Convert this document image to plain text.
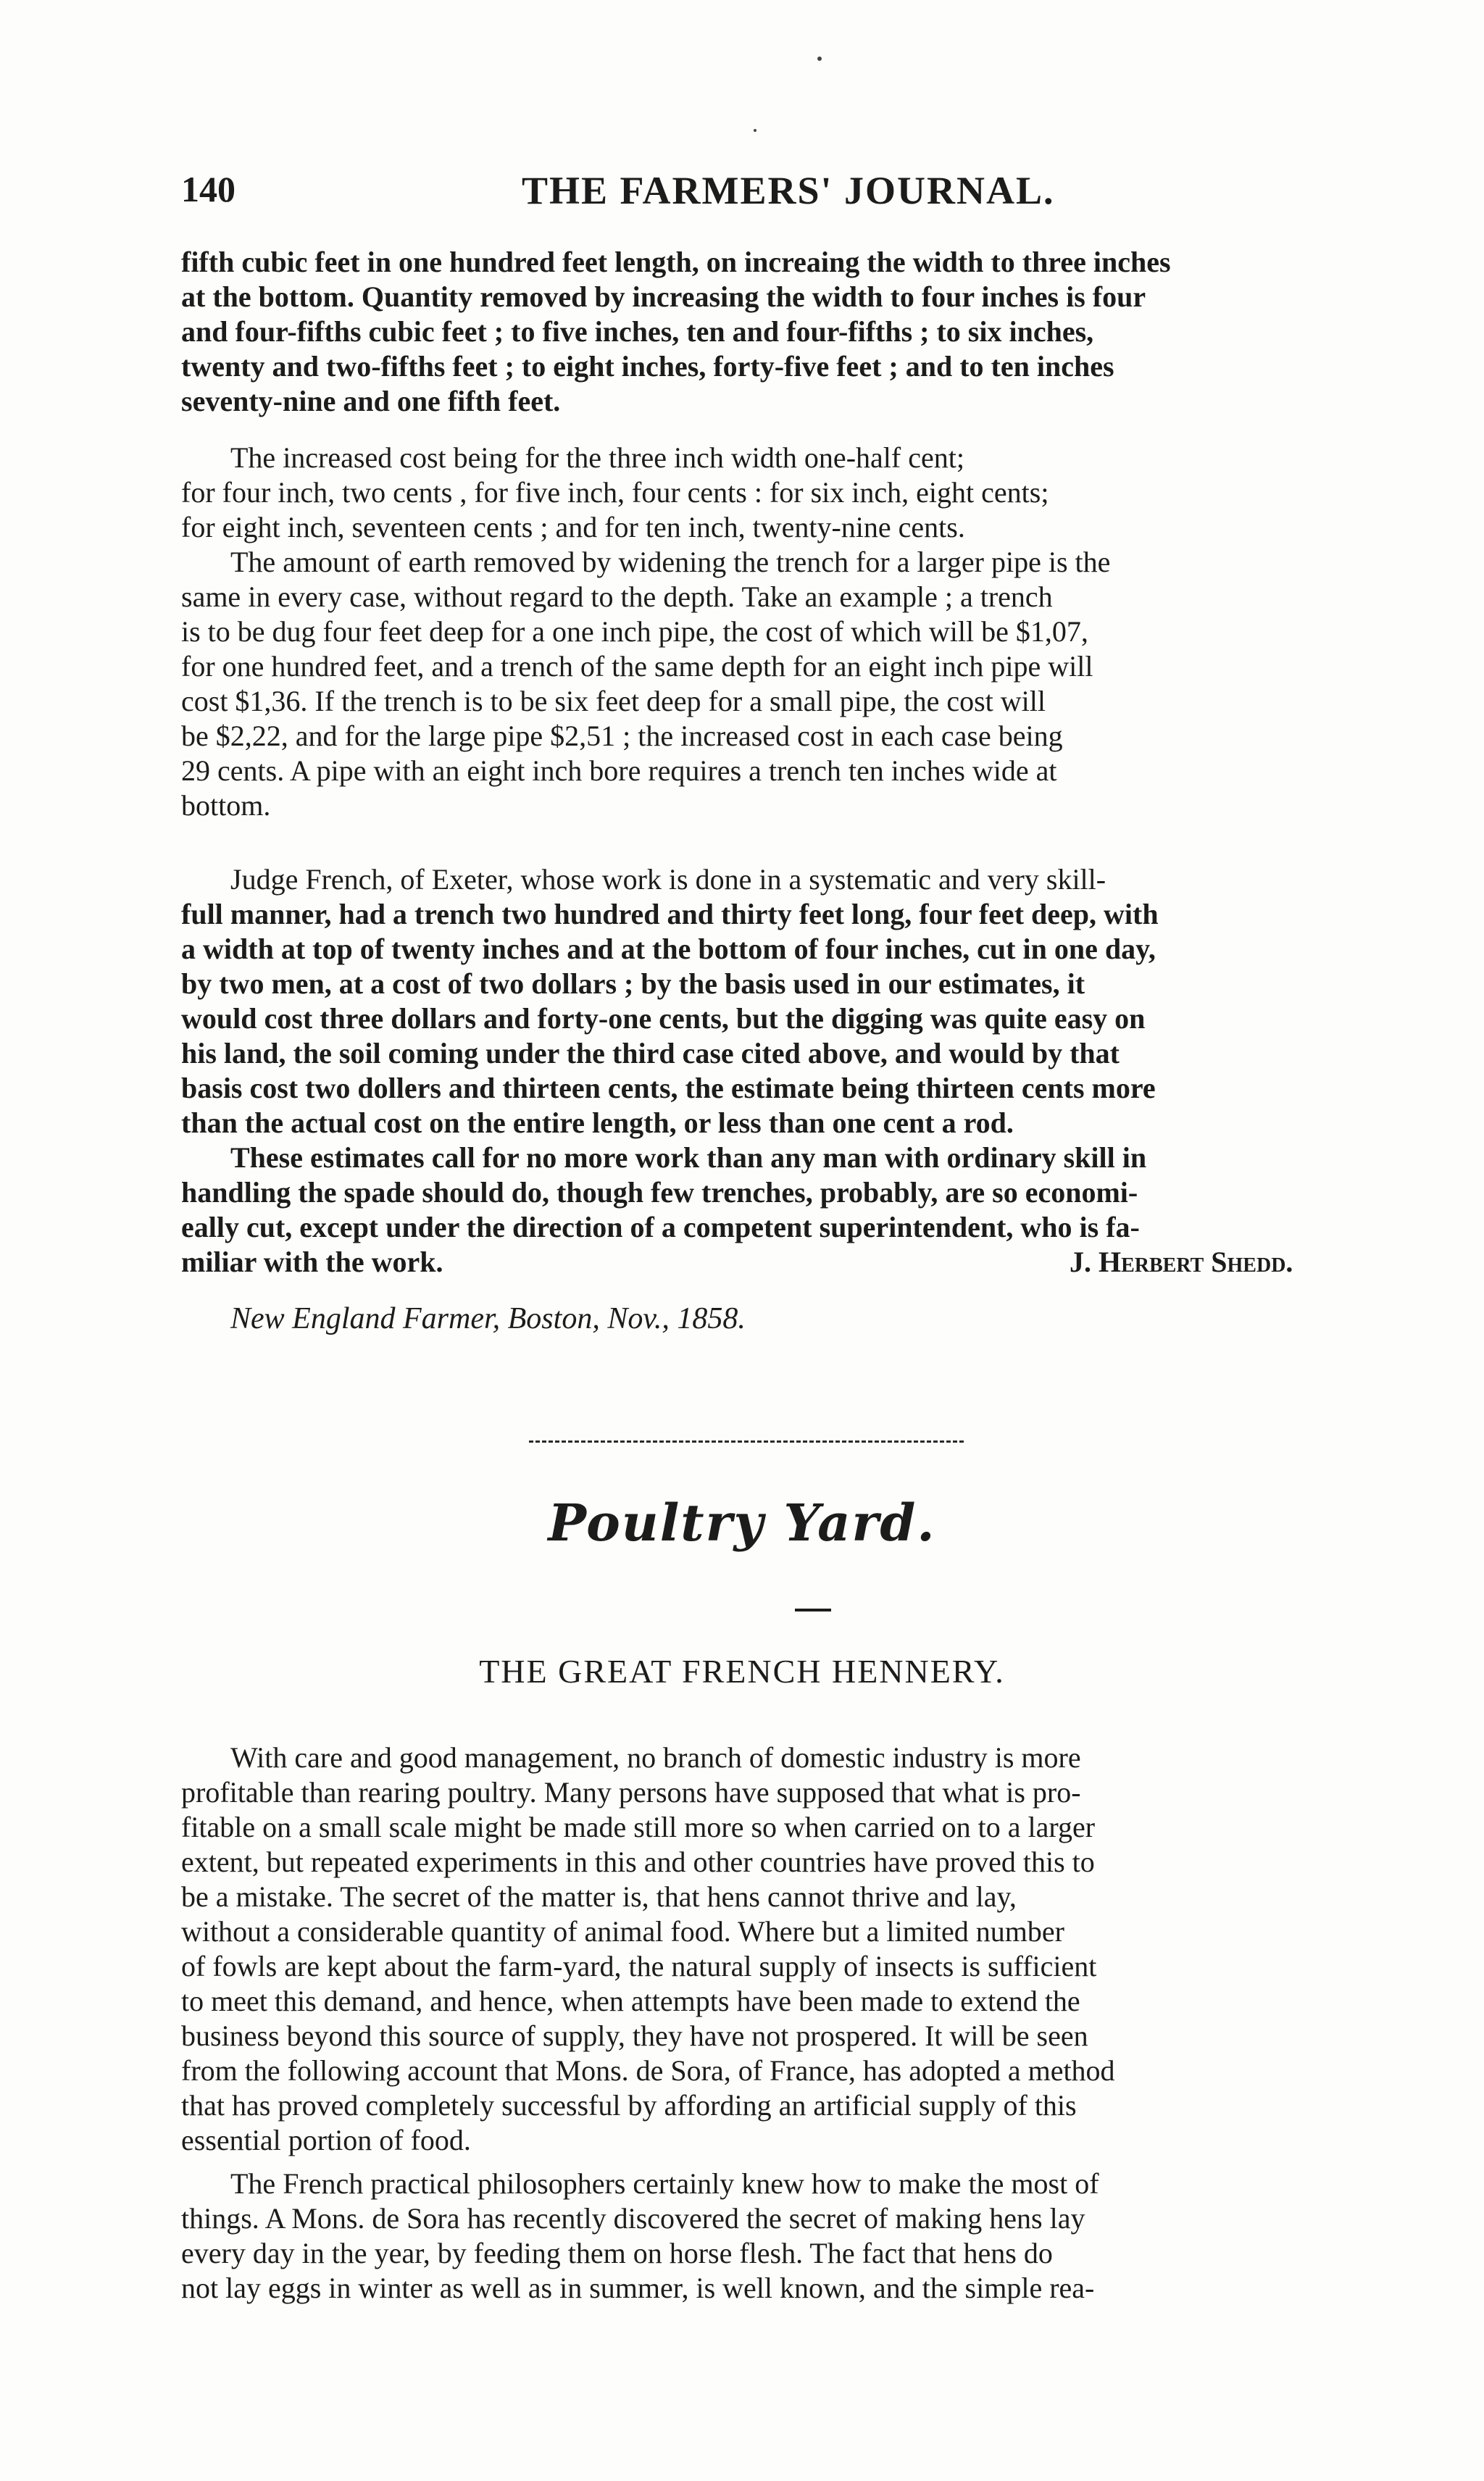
140	THE FARMERS' JOURNAL.
fifth cubic feet in one hundred feet length, on increaing the width to three inches
at the bottom. Quantity removed by increasing the width to four inches is four
and four-fifths cubic feet ; to five inches, ten and four-fifths ; to six inches,
twenty and two-fifths feet ; to eight inches, forty-five feet ; and to ten inches
seventy-nine and one fifth feet.
The increased cost being for the three inch width one-half cent;
for four inch, two cents , for five inch, four cents : for six inch, eight cents;
for eight inch, seventeen cents ; and for ten inch, twenty-nine cents.
The amount of earth removed by widening the trench for a larger pipe is the
same in every case, without regard to the depth. Take an example ; a trench
is to be dug four feet deep for a one inch pipe, the cost of which will be $1,07,
for one hundred feet, and a trench of the same depth for an eight inch pipe will
cost $1,36. If the trench is to be six feet deep for a small pipe, the cost will
be $2,22, and for the large pipe $2,51 ; the increased cost in each case being
29 cents. A pipe with an eight inch bore requires a trench ten inches wide at
bottom.
Judge French, of Exeter, whose work is done in a systematic and very skill-
full manner, had a trench two hundred and thirty feet long, four feet deep, with
a width at top of twenty inches and at the bottom of four inches, cut in one day,
by two men, at a cost of two dollars ; by the basis used in our estimates, it
would cost three dollars and forty-one cents, but the digging was quite easy on
his land, the soil coming under the third case cited above, and would by that
basis cost two dollers and thirteen cents, the estimate being thirteen cents more
than the actual cost on the entire length, or less than one cent a rod.
These estimates call for no more work than any man with ordinary skill in
handling the spade should do, though few trenches, probably, are so economi-
eally cut, except under the direction of a competent superintendent, who is fa-
miliar with the work.	J. Herbert Shedd.
New England Farmer, Boston, Nov., 1858.
Poultry Yard.
THE GREAT FRENCH HENNERY.
With care and good management, no branch of domestic industry is more
profitable than rearing poultry. Many persons have supposed that what is pro-
fitable on a small scale might be made still more so when carried on to a larger
extent, but repeated experiments in this and other countries have proved this to
be a mistake. The secret of the matter is, that hens cannot thrive and lay,
without a considerable quantity of animal food. Where but a limited number
of fowls are kept about the farm-yard, the natural supply of insects is sufficient
to meet this demand, and hence, when attempts have been made to extend the
business beyond this source of supply, they have not prospered. It will be seen
from the following account that Mons. de Sora, of France, has adopted a method
that has proved completely successful by affording an artificial supply of this
essential portion of food.
The French practical philosophers certainly knew how to make the most of
things. A Mons. de Sora has recently discovered the secret of making hens lay
every day in the year, by feeding them on horse flesh. The fact that hens do
not lay eggs in winter as well as in summer, is well known, and the simple rea-
